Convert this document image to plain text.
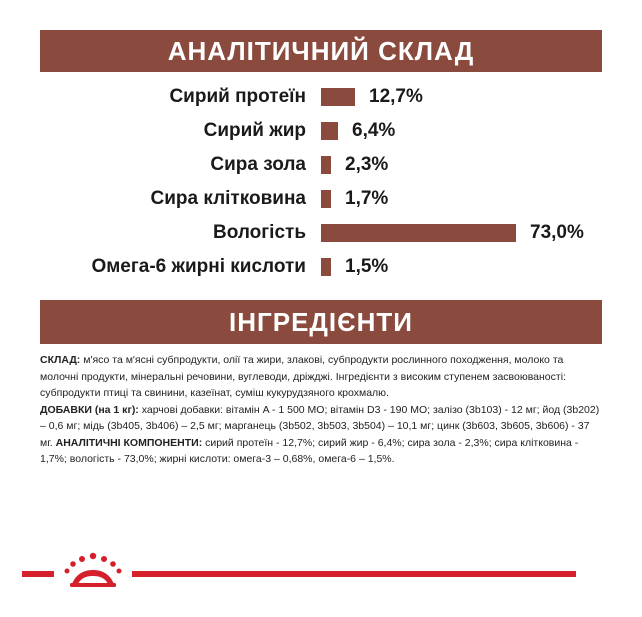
АНАЛІТИЧНИЙ СКЛАД
Сирий протеїн	12,7%
Сирий жир 6,4%
Сира зола 2,3%
Сира клітковина 1,7%
Вологість	73,0%
Омега-6 жирні кислоти 1,5%
ІНГРЕДІЄНТИ
СКЛАД: м'ясо та м'ясні субпродукти, олії та жири, злакові, субпродукти рослинного походження, молоко та молочні продукти, мінеральні речовини, вуглеводи, дріжджі. Інгредієнти з високим ступенем засвоюваності: субпродукти птиці та свинини, казеїнат, суміш кукурудзяного крохмалю.
ДОБАВКИ (на 1 кг): харчові добавки: вітамін A - 1 500 МО; вітамін D3 - 190 МО; залізо (3b103) - 12 мг; йод (3b202) – 0,6 мг; мідь (3b405, 3b406) – 2,5 мг; марганець (3b502, 3b503, 3b504) – 10,1 мг; цинк (3b603, 3b605, 3b606) - 37 мг. АНАЛІТИЧНІ КОМПОНЕНТИ: сирий протеїн - 12,7%; сирий жир - 6,4%; сира зола - 2,3%; сира клітковина - 1,7%; вологість - 73,0%; жирні кислоти: омега-3 – 0,68%, омега-6 – 1,5%.
